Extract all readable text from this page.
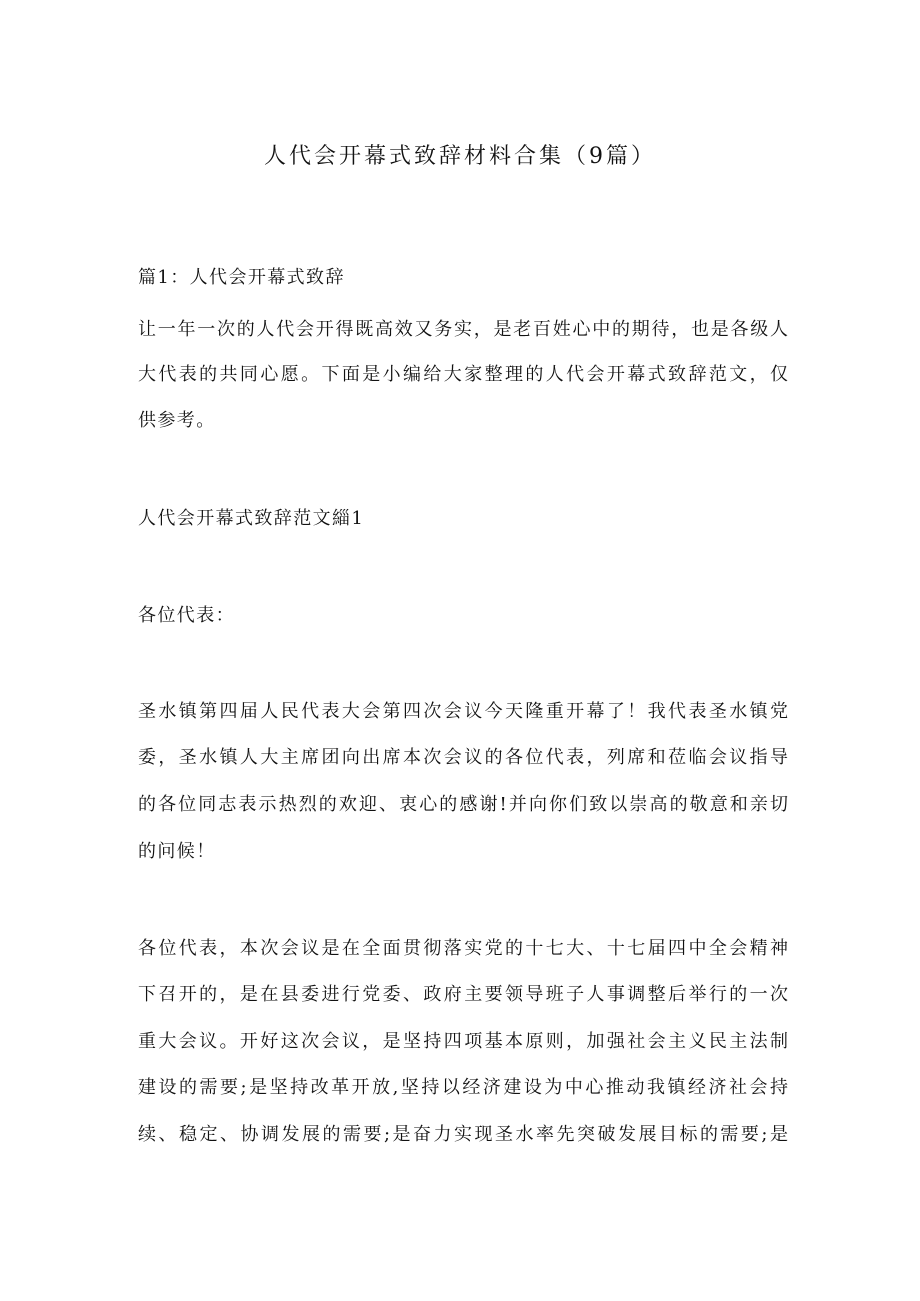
人代会开幕式致辞材料合集（9篇）
篇1：人代会开幕式致辞
让一年一次的人代会开得既高效又务实，是老百姓心中的期待，也是各级人
大代表的共同心愿。下面是小编给大家整理的人代会开幕式致辞范文，仅
供参考。
人代会开幕式致辞范文緇1
各位代表：
圣水镇第四届人民代表大会第四次会议今天隆重开幕了！我代表圣水镇党
委，圣水镇人大主席团向出席本次会议的各位代表，列席和莅临会议指导
的各位同志表示热烈的欢迎、衷心的感谢!并向你们致以崇高的敬意和亲切
的问候！
各位代表，本次会议是在全面贯彻落实党的十七大、十七届四中全会精神
下召开的，是在县委进行党委、政府主要领导班子人事调整后举行的一次
重大会议。开好这次会议，是坚持四项基本原则，加强社会主义民主法制
建设的需要;是坚持改革开放,坚持以经济建设为中心推动我镇经济社会持
续、稳定、协调发展的需要;是奋力实现圣水率先突破发展目标的需要;是
